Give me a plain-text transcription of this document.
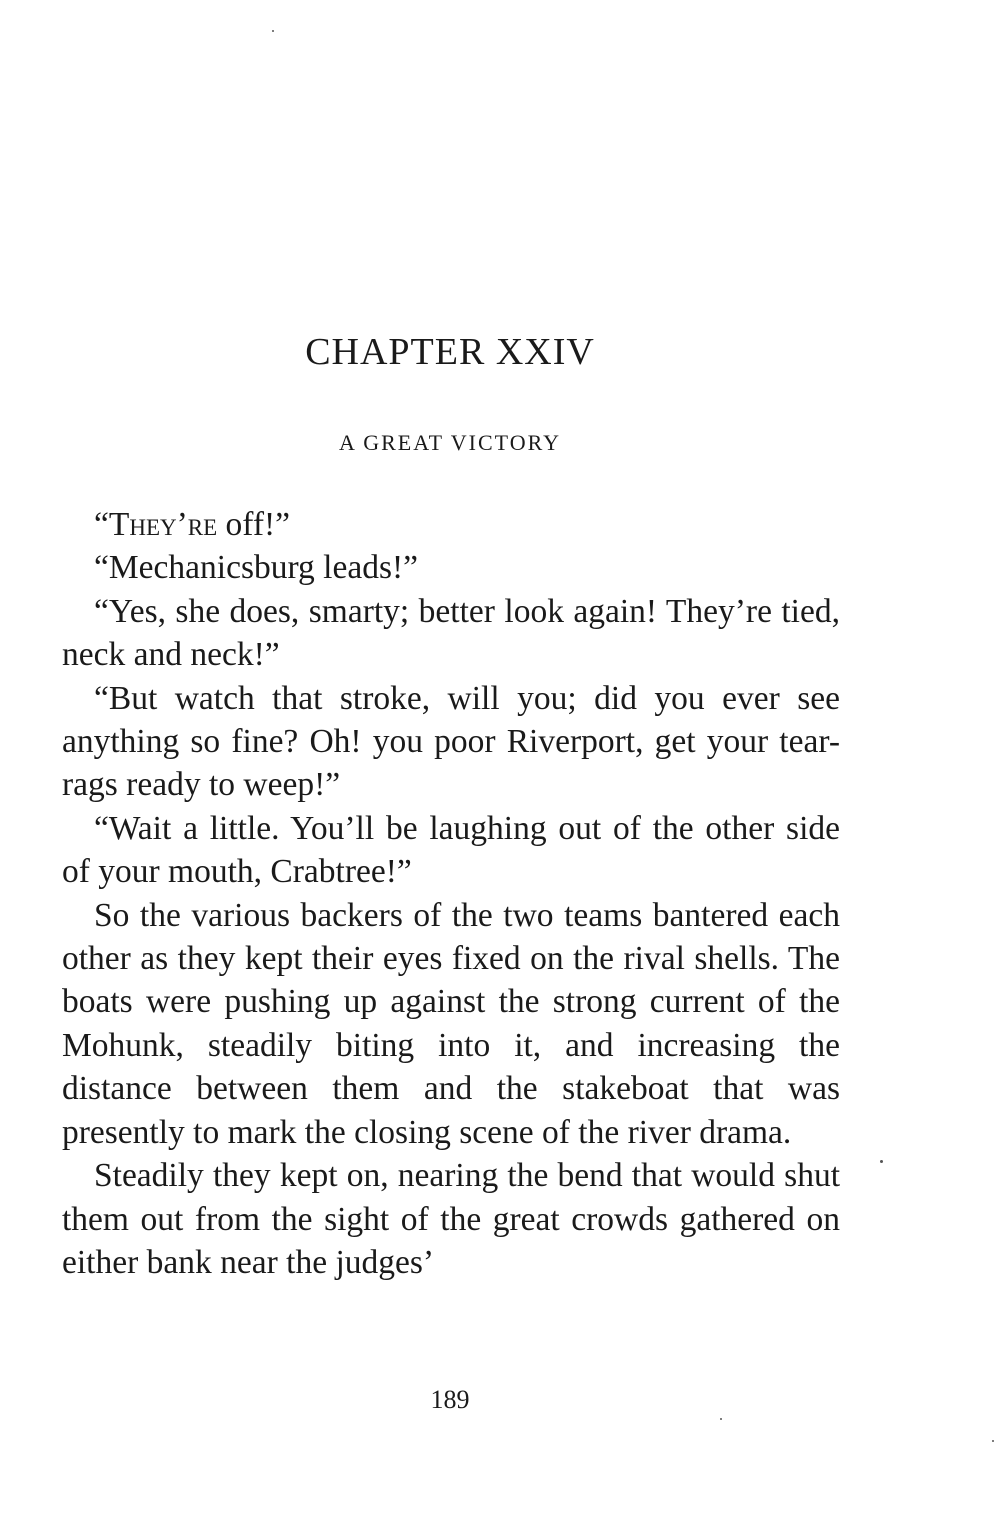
CHAPTER XXIV
A GREAT VICTORY

“They’re off!”

“Mechanicsburg leads!”

“Yes, she does, smarty; better look again! They’re tied, neck and neck!”

“But watch that stroke, will you; did you ever see anything so fine? Oh! you poor Riverport, get your tear-rags ready to weep!”

“Wait a little. You’ll be laughing out of the other side of your mouth, Crabtree!”

So the various backers of the two teams bantered each other as they kept their eyes fixed on the rival shells. The boats were pushing up against the strong current of the Mohunk, steadily biting into it, and increasing the distance between them and the stakeboat that was presently to mark the closing scene of the river drama.

Steadily they kept on, nearing the bend that would shut them out from the sight of the great crowds gathered on either bank near the judges’

189
